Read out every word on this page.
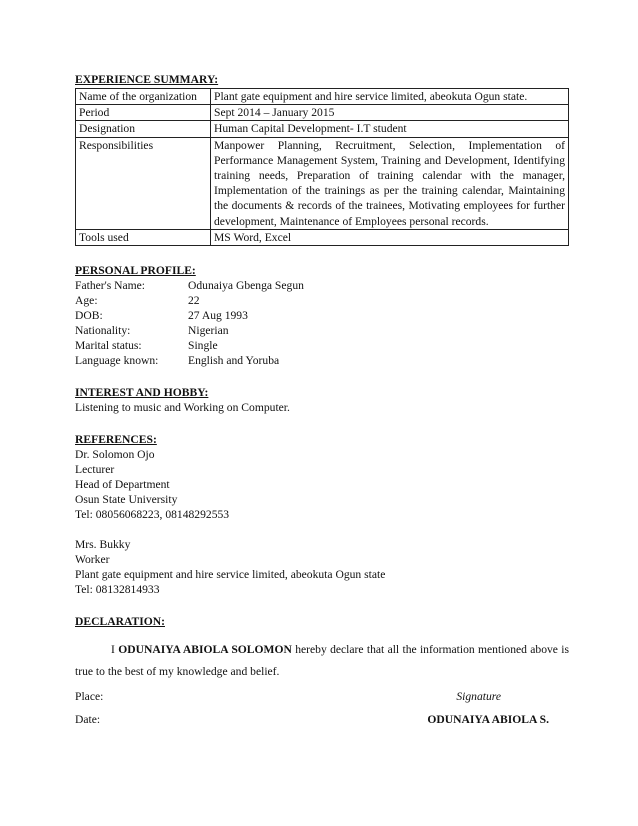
EXPERIENCE SUMMARY:

Name of the organization	Plant gate equipment and hire service limited, abeokuta Ogun state.
Period	Sept 2014 – January 2015
Designation	Human Capital Development- I.T student
Responsibilities	Manpower Planning, Recruitment, Selection, Implementation of Performance Management System, Training and Development, Identifying training needs, Preparation of training calendar with the manager, Implementation of the trainings as per the training calendar, Maintaining the documents & records of the trainees, Motivating employees for further development, Maintenance of Employees personal records.
Tools used	MS Word, Excel

PERSONAL PROFILE:

Father's Name:	Odunaiya Gbenga Segun
Age:	22
DOB:	27 Aug 1993
Nationality:	Nigerian
Marital status:	Single
Language known:	English and Yoruba

INTEREST AND HOBBY:

Listening to music and Working on Computer.

REFERENCES:

Dr. Solomon Ojo
Lecturer
Head of Department
Osun State University
Tel: 08056068223, 08148292553
Mrs. Bukky
Worker
Plant gate equipment and hire service limited, abeokuta Ogun state
Tel: 08132814933

DECLARATION:

I ODUNAIYA ABIOLA SOLOMON hereby declare that all the information mentioned above is true to the best of my knowledge and belief.

Place:	Signature
Date:	ODUNAIYA ABIOLA S.
